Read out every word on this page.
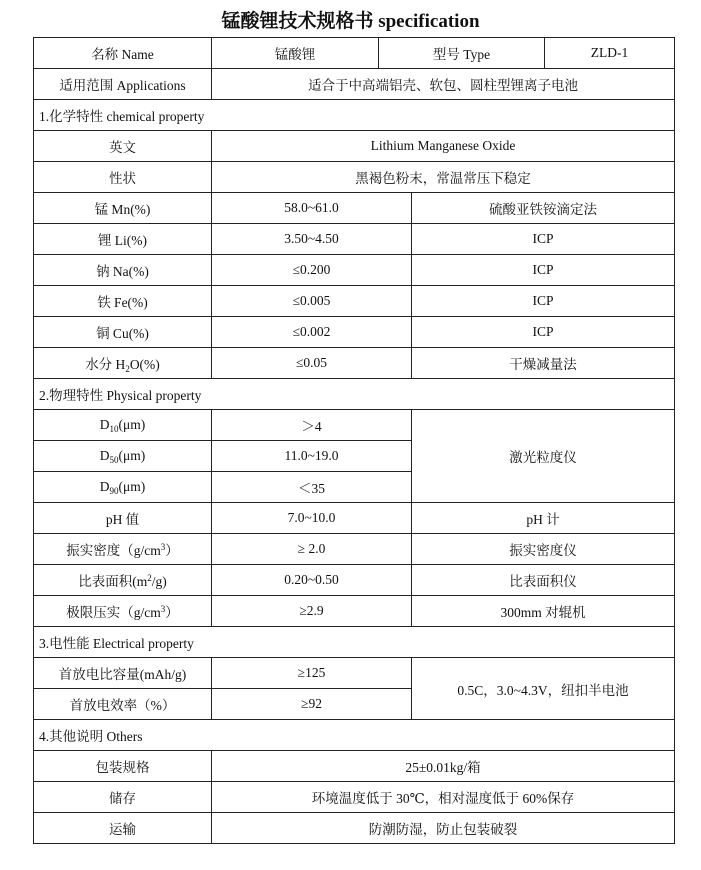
锰酸锂技术规格书 specification
名称 Name	锰酸锂	型号 Type		ZLD-1
适用范围 Applications	适合于中高端铝壳、软包、圆柱型锂离子电池			
1.化学特性 chemical property				
英文	Lithium Manganese Oxide			
性状	黑褐色粉末，常温常压下稳定			
锰 Mn(%)	58.0~61.0		硫酸亚铁铵滴定法	
锂 Li(%)	3.50~4.50		ICP	
钠 Na(%)	≤0.200		ICP	
铁 Fe(%)	≤0.005		ICP	
铜 Cu(%)	≤0.002		ICP	
水分 $H_2O(\%)$	≤0.05		干燥减量法	
2.物理特性 Physical property				
$D_{10}(\mu m)$	＞4		激光粒度仪	
$D_{50}(\mu m)$	11.0~19.0			
$D_{90}(\mu m)$	＜35			
pH 值	7.0~10.0		pH 计	
振实密度$(g/cm^3)$	≥ 2.0		振实密度仪	
比表面积$(m^2/g)$	0.20~0.50		比表面积仪	
极限压实$(g/cm^3)$	≥2.9		300mm 对辊机	
3.电性能 Electrical property				
首放电比容量(mAh/g)	≥125		0.5C，3.0~4.3V，纽扣半电池	
首放电效率（%）	≥92			
4.其他说明 Others				
包装规格	25±0.01kg/箱			
储存	环境温度低于 30℃，相对湿度低于 60%保存			
运输	防潮防湿，防止包装破裂			
